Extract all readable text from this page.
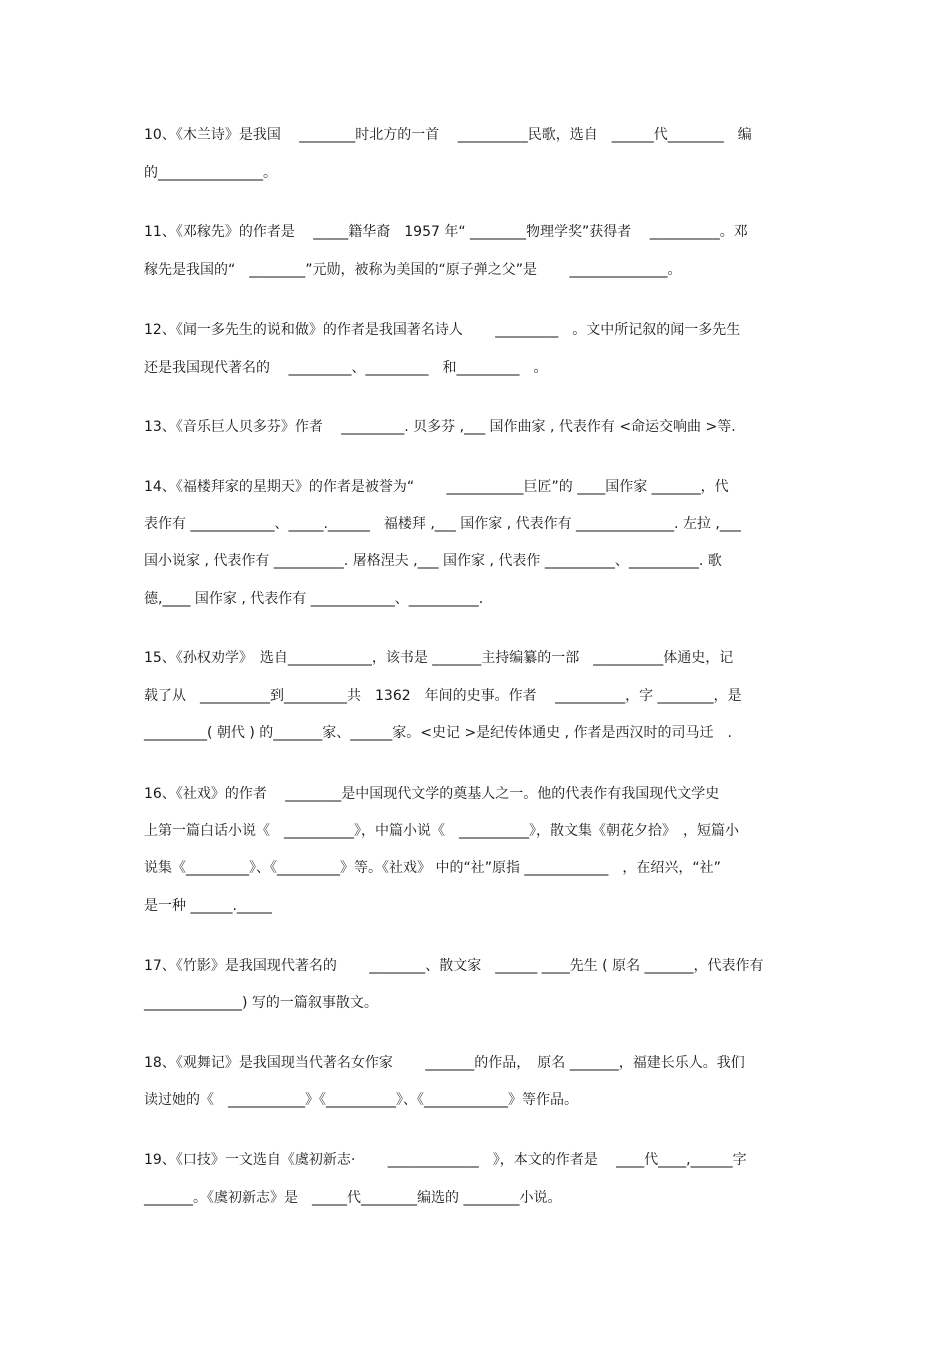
10、《木兰诗》是我国　 ________时北方的一首　 __________民歌，选自　______代________　编
的_______________。
11、《邓稼先》的作者是　 _____籍华裔　1957 年“ ________物理学奖”获得者　 __________。邓
稼先是我国的“　________”元勋，被称为美国的“原子弹之父”是　　 ______________。
12、《闻一多先生的说和做》的作者是我国著名诗人　　 _________　。文中所记叙的闻一多先生
还是我国现代著名的　 _________、_________　和_________　。
13、《音乐巨人贝多芬》作者　 _________. 贝多芬 ,___ 国作曲家 , 代表作有 <命运交响曲 >等.
14、《福楼拜家的星期天》的作者是被誉为“　　 ___________巨匠”的 ____国作家 _______，代
表作有 ____________、_____.______　福楼拜 ,___ 国作家 , 代表作有 ______________. 左拉 ,___
国小说家 , 代表作有 __________. 屠格涅夫 ,___ 国作家 , 代表作 __________、__________. 歌
德,____ 国作家 , 代表作有 ____________、__________.
15、《孙权劝学》　选自____________，该书是 _______主持编纂的一部　__________体通史，记
载了从　__________到_________共　1362　年间的史事。作者　 __________，字 ________，是
_________( 朝代 ) 的_______家、______家。<史记 >是纪传体通史 , 作者是西汉时的司马迁　.
16、《社戏》的作者　 ________是中国现代文学的奠基人之一。他的代表作有我国现代文学史
上第一篇白话小说《　__________》，中篇小说《　__________》，散文集《朝花夕拾》　，短篇小
说集《_________》、《_________》等。《社戏》 中的“社”原指 ____________　，在绍兴，“社”
是一种 ______._____
17、《竹影》是我国现代著名的　　 ________、散文家　______ ____先生 ( 原名 _______，代表作有
______________) 写的一篇叙事散文。
18、《观舞记》是我国现当代著名女作家　　 _______的作品，　原名 _______，福建长乐人。我们
读过她的《　___________》《__________》、《____________》等作品。
19、《口技》一文选自《虞初新志·　　 _____________　》，本文的作者是　 ____代____,______字
_______。《虞初新志》是　_____代________编选的 ________小说。
